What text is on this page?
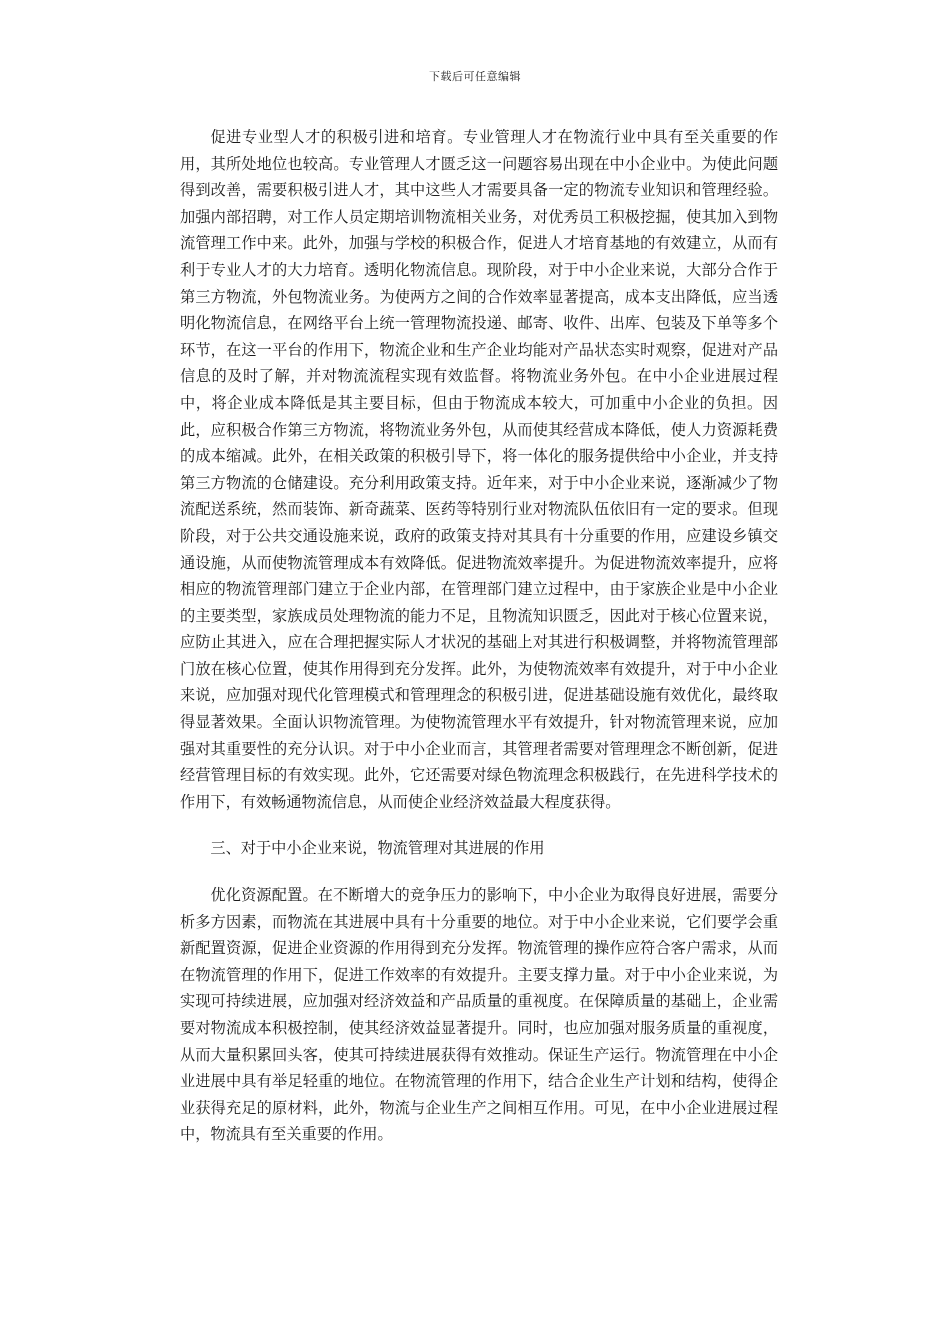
下载后可任意编辑

促进专业型人才的积极引进和培育。专业管理人才在物流行业中具有至关重要的作用，其所处地位也较高。专业管理人才匮乏这一问题容易出现在中小企业中。为使此问题得到改善，需要积极引进人才，其中这些人才需要具备一定的物流专业知识和管理经验。加强内部招聘，对工作人员定期培训物流相关业务，对优秀员工积极挖掘，使其加入到物流管理工作中来。此外，加强与学校的积极合作，促进人才培育基地的有效建立，从而有利于专业人才的大力培育。透明化物流信息。现阶段，对于中小企业来说，大部分合作于第三方物流，外包物流业务。为使两方之间的合作效率显著提高，成本支出降低，应当透明化物流信息，在网络平台上统一管理物流投递、邮寄、收件、出库、包装及下单等多个环节，在这一平台的作用下，物流企业和生产企业均能对产品状态实时观察，促进对产品信息的及时了解，并对物流流程实现有效监督。将物流业务外包。在中小企业进展过程中，将企业成本降低是其主要目标，但由于物流成本较大，可加重中小企业的负担。因此，应积极合作第三方物流，将物流业务外包，从而使其经营成本降低，使人力资源耗费的成本缩减。此外，在相关政策的积极引导下，将一体化的服务提供给中小企业，并支持第三方物流的仓储建设。充分利用政策支持。近年来，对于中小企业来说，逐渐减少了物流配送系统，然而装饰、新奇蔬菜、医药等特别行业对物流队伍依旧有一定的要求。但现阶段，对于公共交通设施来说，政府的政策支持对其具有十分重要的作用，应建设乡镇交通设施，从而使物流管理成本有效降低。促进物流效率提升。为促进物流效率提升，应将相应的物流管理部门建立于企业内部，在管理部门建立过程中，由于家族企业是中小企业的主要类型，家族成员处理物流的能力不足，且物流知识匮乏，因此对于核心位置来说，应防止其进入，应在合理把握实际人才状况的基础上对其进行积极调整，并将物流管理部门放在核心位置，使其作用得到充分发挥。此外，为使物流效率有效提升，对于中小企业来说，应加强对现代化管理模式和管理理念的积极引进，促进基础设施有效优化，最终取得显著效果。全面认识物流管理。为使物流管理水平有效提升，针对物流管理来说，应加强对其重要性的充分认识。对于中小企业而言，其管理者需要对管理理念不断创新，促进经营管理目标的有效实现。此外，它还需要对绿色物流理念积极践行，在先进科学技术的作用下，有效畅通物流信息，从而使企业经济效益最大程度获得。

三、对于中小企业来说，物流管理对其进展的作用

优化资源配置。在不断增大的竞争压力的影响下，中小企业为取得良好进展，需要分析多方因素，而物流在其进展中具有十分重要的地位。对于中小企业来说，它们要学会重新配置资源，促进企业资源的作用得到充分发挥。物流管理的操作应符合客户需求，从而在物流管理的作用下，促进工作效率的有效提升。主要支撑力量。对于中小企业来说，为实现可持续进展，应加强对经济效益和产品质量的重视度。在保障质量的基础上，企业需要对物流成本积极控制，使其经济效益显著提升。同时，也应加强对服务质量的重视度，从而大量积累回头客，使其可持续进展获得有效推动。保证生产运行。物流管理在中小企业进展中具有举足轻重的地位。在物流管理的作用下，结合企业生产计划和结构，使得企业获得充足的原材料，此外，物流与企业生产之间相互作用。可见，在中小企业进展过程中，物流具有至关重要的作用。
